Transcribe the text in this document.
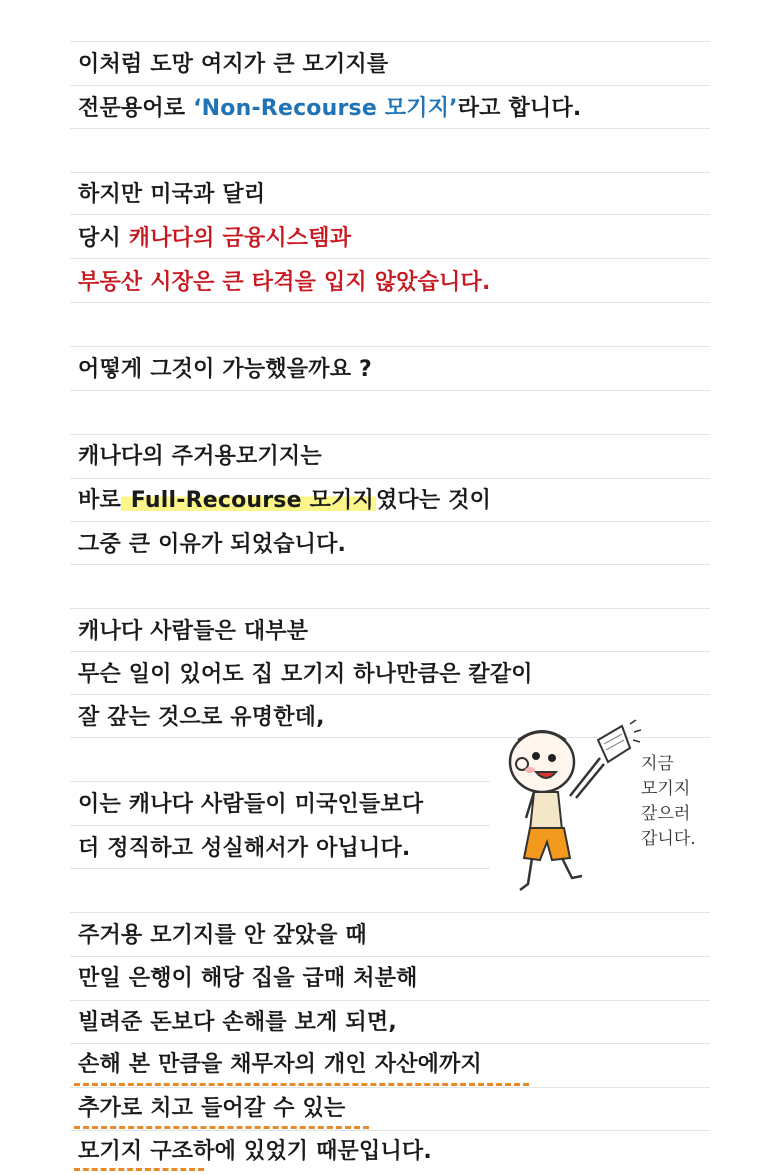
이처럼 도망 여지가 큰 모기지를
전문용어로 ‘Non-Recourse 모기지’라고 합니다.
하지만 미국과 달리
당시 캐나다의 금융시스템과
부동산 시장은 큰 타격을 입지 않았습니다.
어떻게 그것이 가능했을까요 ?
캐나다의 주거용모기지는
바로 Full-Recourse 모기지였다는 것이
그중 큰 이유가 되었습니다.
캐나다 사람들은 대부분
무슨 일이 있어도 집 모기지 하나만큼은 칼같이
잘 갚는 것으로 유명한데,
이는 캐나다 사람들이 미국인들보다
더 정직하고 성실해서가 아닙니다.
주거용 모기지를 안 갚았을 때
만일 은행이 해당 집을 급매 처분해
빌려준 돈보다 손해를 보게 되면,
손해 본 만큼을 채무자의 개인 자산에까지
추가로 치고 들어갈 수 있는
모기지 구조하에 있었기 때문입니다.
지금
모기지
갚으러
갑니다.
